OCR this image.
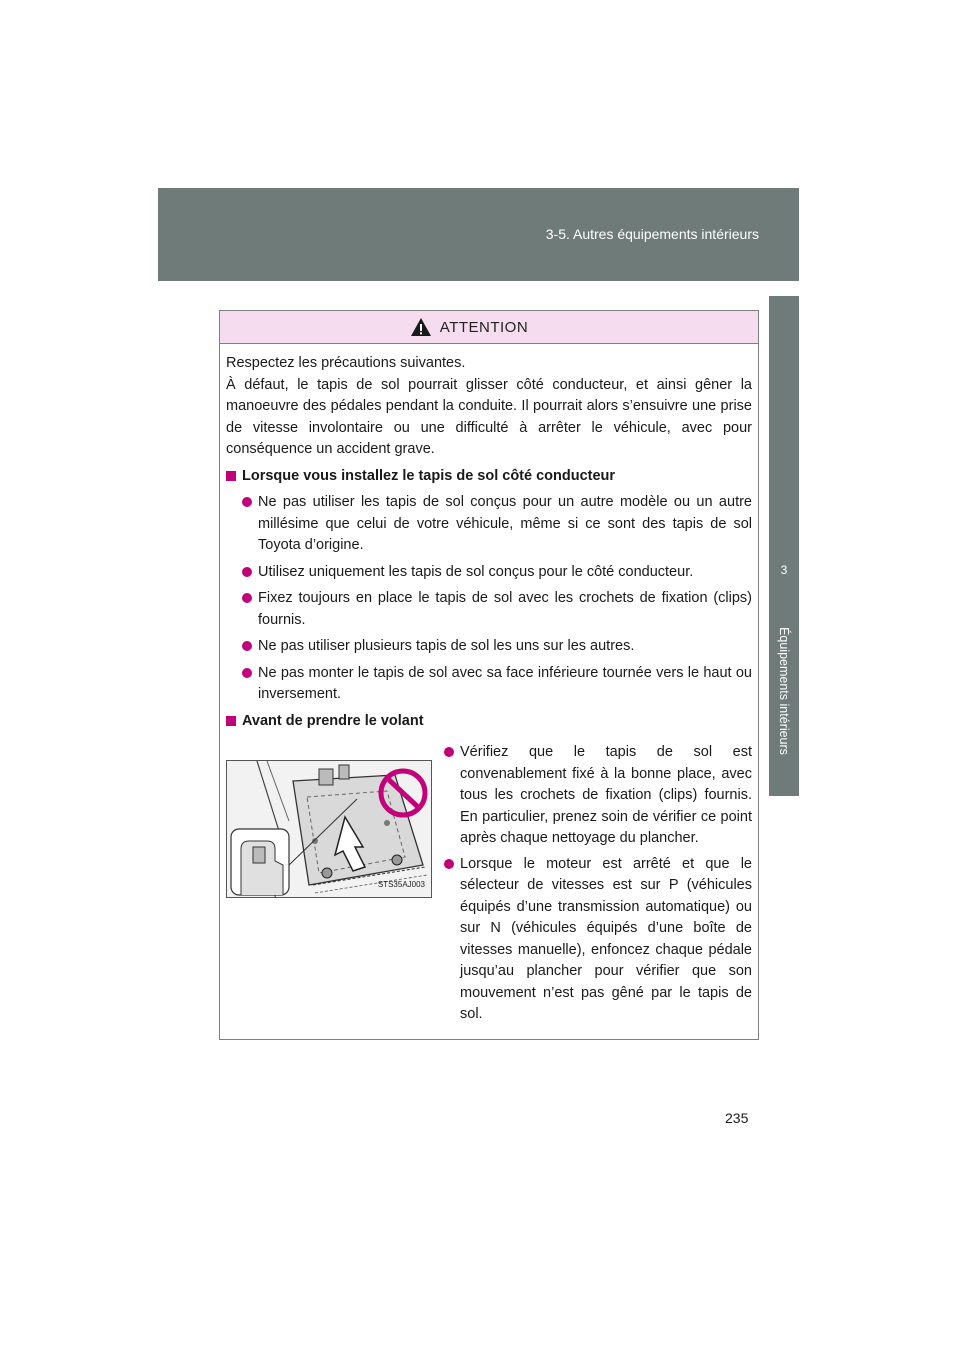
3-5. Autres équipements intérieurs
3
Équipements intérieurs
ATTENTION

Respectez les précautions suivantes.

À défaut, le tapis de sol pourrait glisser côté conducteur, et ainsi gêner la manoeuvre des pédales pendant la conduite. Il pourrait alors s’ensuivre une prise de vitesse involontaire ou une difficulté à arrêter le véhicule, avec pour conséquence un accident grave.

Lorsque vous installez le tapis de sol côté conducteur

Ne pas utiliser les tapis de sol conçus pour un autre modèle ou un autre millésime que celui de votre véhicule, même si ce sont des tapis de sol Toyota d’origine.

Utilisez uniquement les tapis de sol conçus pour le côté conducteur.

Fixez toujours en place le tapis de sol avec les crochets de fixation (clips) fournis.

Ne pas utiliser plusieurs tapis de sol les uns sur les autres.

Ne pas monter le tapis de sol avec sa face inférieure tournée vers le haut ou inversement.

Avant de prendre le volant

STS35AJ003

Vérifiez que le tapis de sol est convenablement fixé à la bonne place, avec tous les crochets de fixation (clips) fournis. En particulier, prenez soin de vérifier ce point après chaque nettoyage du plancher.

Lorsque le moteur est arrêté et que le sélecteur de vitesses est sur P (véhicules équipés d’une transmission automatique) ou sur N (véhicules équipés d’une boîte de vitesses manuelle), enfoncez chaque pédale jusqu’au plancher pour vérifier que son mouvement n’est pas gêné par le tapis de sol.

235
